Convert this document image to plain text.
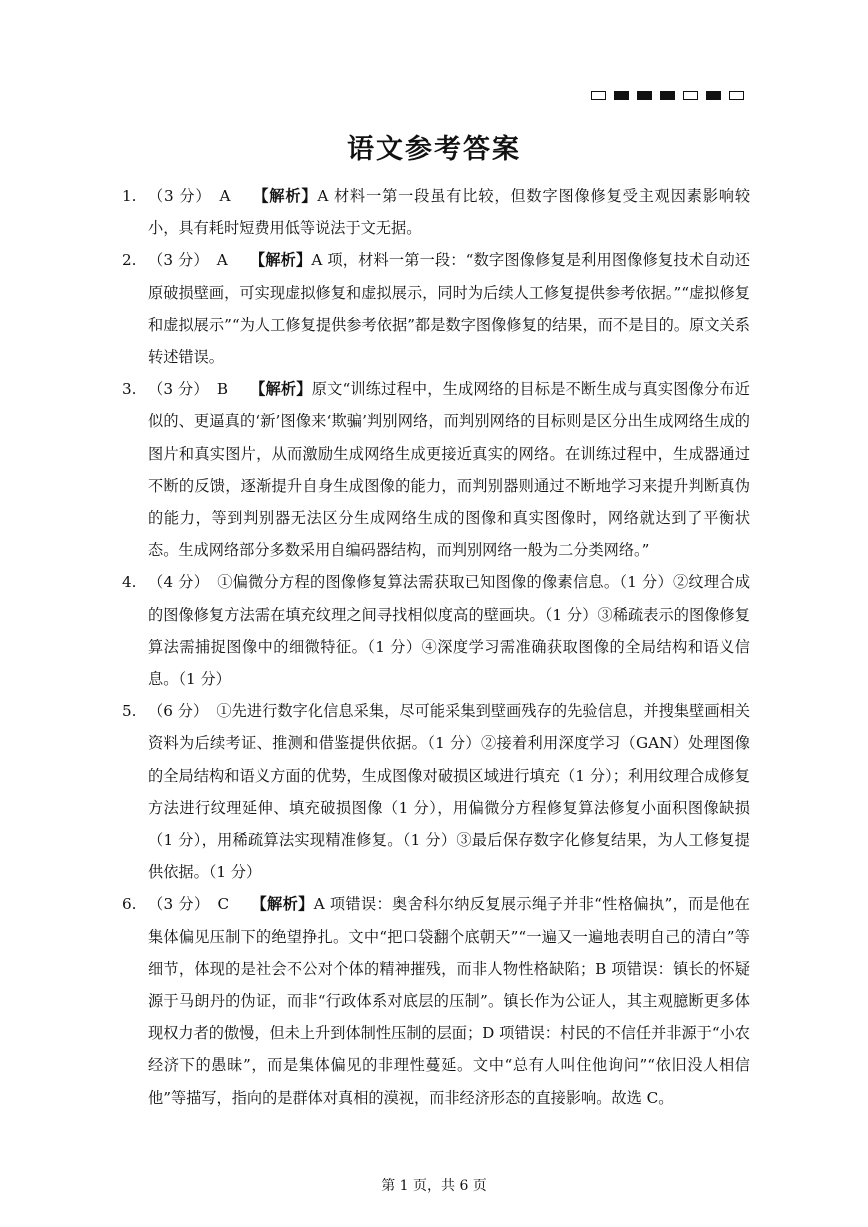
语文参考答案
1. （3 分） A 【解析】A 材料一第一段虽有比较，但数字图像修复受主观因素影响较小，具有耗时短费用低等说法于文无据。
2. （3 分） A 【解析】A 项，材料一第一段：“数字图像修复是利用图像修复技术自动还原破损壁画，可实现虚拟修复和虚拟展示，同时为后续人工修复提供参考依据。”“虚拟修复和虚拟展示”“为人工修复提供参考依据”都是数字图像修复的结果，而不是目的。原文关系转述错误。
3. （3 分） B 【解析】原文“训练过程中，生成网络的目标是不断生成与真实图像分布近似的、更逼真的‘新’图像来‘欺骗’判别网络，而判别网络的目标则是区分出生成网络生成的图片和真实图片，从而激励生成网络生成更接近真实的网络。在训练过程中，生成器通过不断的反馈，逐渐提升自身生成图像的能力，而判别器则通过不断地学习来提升判断真伪的能力，等到判别器无法区分生成网络生成的图像和真实图像时，网络就达到了平衡状态。生成网络部分多数采用自编码器结构，而判别网络一般为二分类网络。”
4. （4 分） ①偏微分方程的图像修复算法需获取已知图像的像素信息。（1 分）②纹理合成的图像修复方法需在填充纹理之间寻找相似度高的壁画块。（1 分）③稀疏表示的图像修复算法需捕捉图像中的细微特征。（1 分）④深度学习需准确获取图像的全局结构和语义信息。（1 分）
5. （6 分） ①先进行数字化信息采集，尽可能采集到壁画残存的先验信息，并搜集壁画相关资料为后续考证、推测和借鉴提供依据。（1 分）②接着利用深度学习（GAN）处理图像的全局结构和语义方面的优势，生成图像对破损区域进行填充（1 分）；利用纹理合成修复方法进行纹理延伸、填充破损图像（1 分），用偏微分方程修复算法修复小面积图像缺损（1 分），用稀疏算法实现精准修复。（1 分）③最后保存数字化修复结果，为人工修复提供依据。（1 分）
6. （3 分） C 【解析】A 项错误：奥舍科尔纳反复展示绳子并非“性格偏执”，而是他在集体偏见压制下的绝望挣扎。文中“把口袋翻个底朝天”“一遍又一遍地表明自己的清白”等细节，体现的是社会不公对个体的精神摧残，而非人物性格缺陷；B 项错误：镇长的怀疑源于马朗丹的伪证，而非“行政体系对底层的压制”。镇长作为公证人，其主观臆断更多体现权力者的傲慢，但未上升到体制性压制的层面；D 项错误：村民的不信任并非源于“小农经济下的愚昧”，而是集体偏见的非理性蔓延。文中“总有人叫住他询问”“依旧没人相信他”等描写，指向的是群体对真相的漠视，而非经济形态的直接影响。故选 C。
第 1 页，共 6 页
